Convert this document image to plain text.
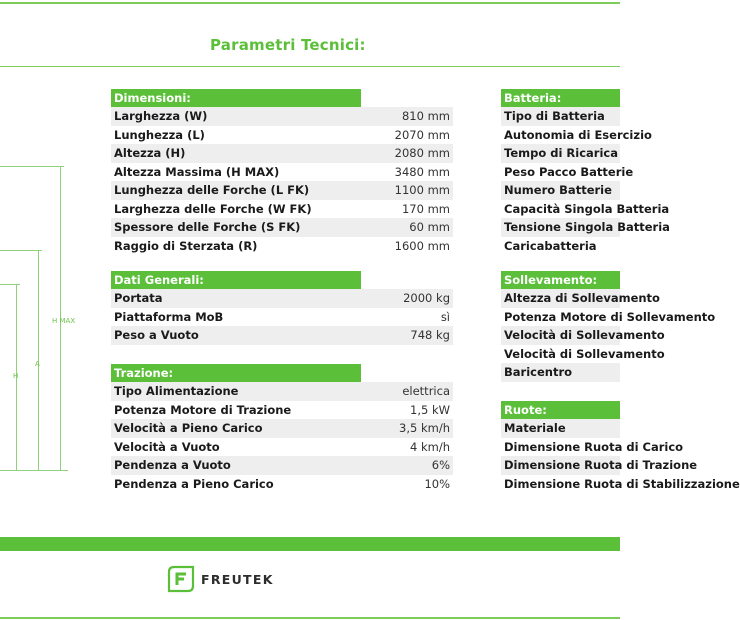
Parametri Tecnici:
H MAX
A
H
Dimensioni:
Larghezza (W)	810 mm
Lunghezza (L)	2070 mm
Altezza (H)	2080 mm
Altezza Massima (H MAX)	3480 mm
Lunghezza delle Forche (L FK)	1100 mm
Larghezza delle Forche (W FK)	170 mm
Spessore delle Forche (S FK)	60 mm
Raggio di Sterzata (R)	1600 mm
Dati Generali:
Portata	2000 kg
Piattaforma MoB	sì
Peso a Vuoto	748 kg
Trazione:
Tipo Alimentazione	elettrica
Potenza Motore di Trazione	1,5 kW
Velocità a Pieno Carico	3,5 km/h
Velocità a Vuoto	4 km/h
Pendenza a Vuoto	6%
Pendenza a Pieno Carico	10%
Batteria:
Tipo di Batteria
Autonomia di Esercizio
Tempo di Ricarica
Peso Pacco Batterie
Numero Batterie
Capacità Singola Batteria
Tensione Singola Batteria
Caricabatteria
Sollevamento:
Altezza di Sollevamento
Potenza Motore di Sollevamento
Velocità di Sollevamento
Velocità di Sollevamento
Baricentro
Ruote:
Materiale
Dimensione Ruota di Carico
Dimensione Ruota di Trazione
Dimensione Ruota di Stabilizzazione
FREUTEK
